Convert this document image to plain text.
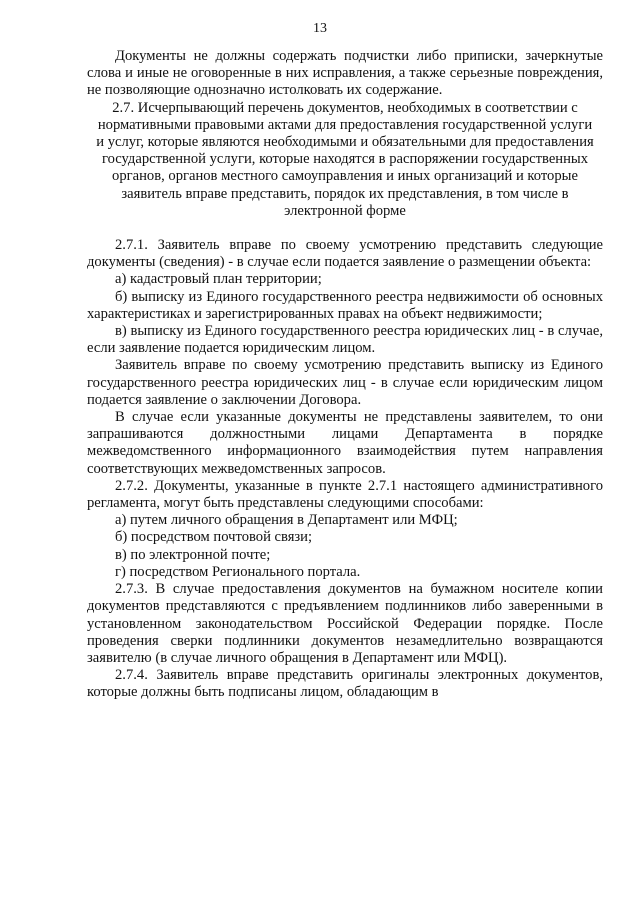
13

Документы не должны содержать подчистки либо приписки, зачеркнутые слова и иные не оговоренные в них исправления, а также серьезные повреждения, не позволяющие однозначно истолковать их содержание.

2.7. Исчерпывающий перечень документов, необходимых в соответствии с нормативными правовыми актами для предоставления государственной услуги и услуг, которые являются необходимыми и обязательными для предоставления государственной услуги, которые находятся в распоряжении государственных органов, органов местного самоуправления и иных организаций и которые заявитель вправе представить, порядок их представления, в том числе в электронной форме

2.7.1. Заявитель вправе по своему усмотрению представить следующие документы (сведения) - в случае если подается заявление о размещении объекта:

а) кадастровый план территории;

б) выписку из Единого государственного реестра недвижимости об основных характеристиках и зарегистрированных правах на объект недвижимости;

в) выписку из Единого государственного реестра юридических лиц - в случае, если заявление подается юридическим лицом.

Заявитель вправе по своему усмотрению представить выписку из Единого государственного реестра юридических лиц - в случае если юридическим лицом подается заявление о заключении Договора.

В случае если указанные документы не представлены заявителем, то они запрашиваются должностными лицами Департамента в порядке межведомственного информационного взаимодействия путем направления соответствующих межведомственных запросов.

2.7.2. Документы, указанные в пункте 2.7.1 настоящего административного регламента, могут быть представлены следующими способами:

а) путем личного обращения в Департамент или МФЦ;

б) посредством почтовой связи;

в) по электронной почте;

г) посредством Регионального портала.

2.7.3. В случае предоставления документов на бумажном носителе копии документов представляются с предъявлением подлинников либо заверенными в установленном законодательством Российской Федерации порядке. После проведения сверки подлинники документов незамедлительно возвращаются заявителю (в случае личного обращения в Департамент или МФЦ).

2.7.4. Заявитель вправе представить оригиналы электронных документов, которые должны быть подписаны лицом, обладающим в
